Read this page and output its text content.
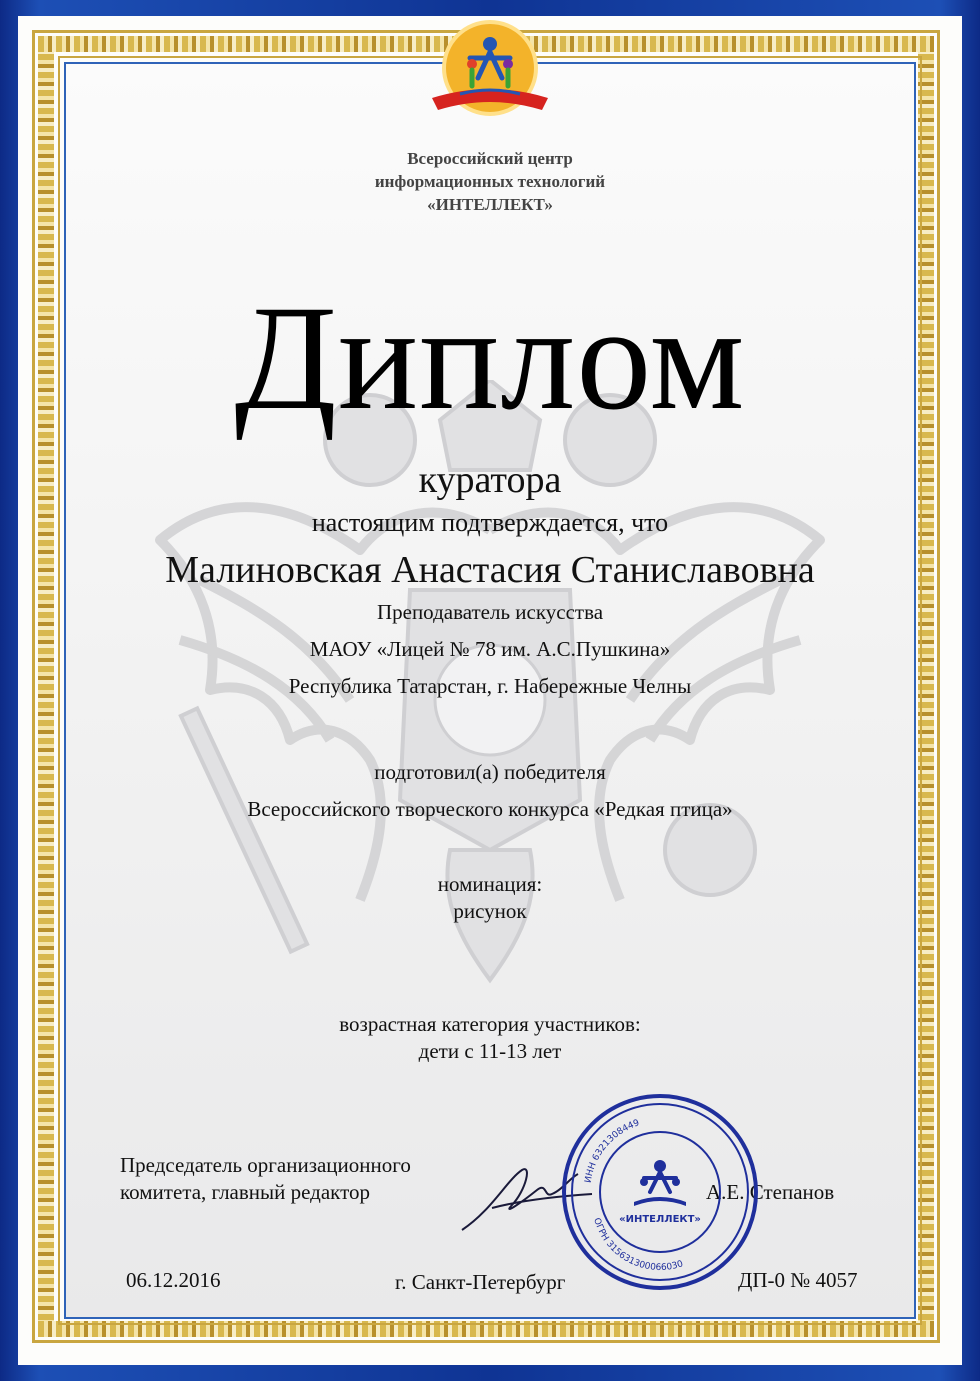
Всероссийский центр
информационных технологий
«ИНТЕЛЛЕКТ»
Диплом
куратора
настоящим подтверждается, что
Малиновская Анастасия Станиславовна
Преподаватель искусства
МАОУ «Лицей № 78 им. А.С.Пушкина»
Республика Татарстан, г. Набережные Челны
подготовил(а) победителя
Всероссийского творческого конкурса «Редкая птица»
номинация:
рисунок
возрастная категория участников:
дети с 11-13 лет
Председатель организационного
комитета, главный редактор	А.Е. Степанов
ИНН 6321308449
ОГРН 315631300066030
«ИНТЕЛЛЕКТ»
06.12.2016	г. Санкт-Петербург	ДП-0 № 4057
